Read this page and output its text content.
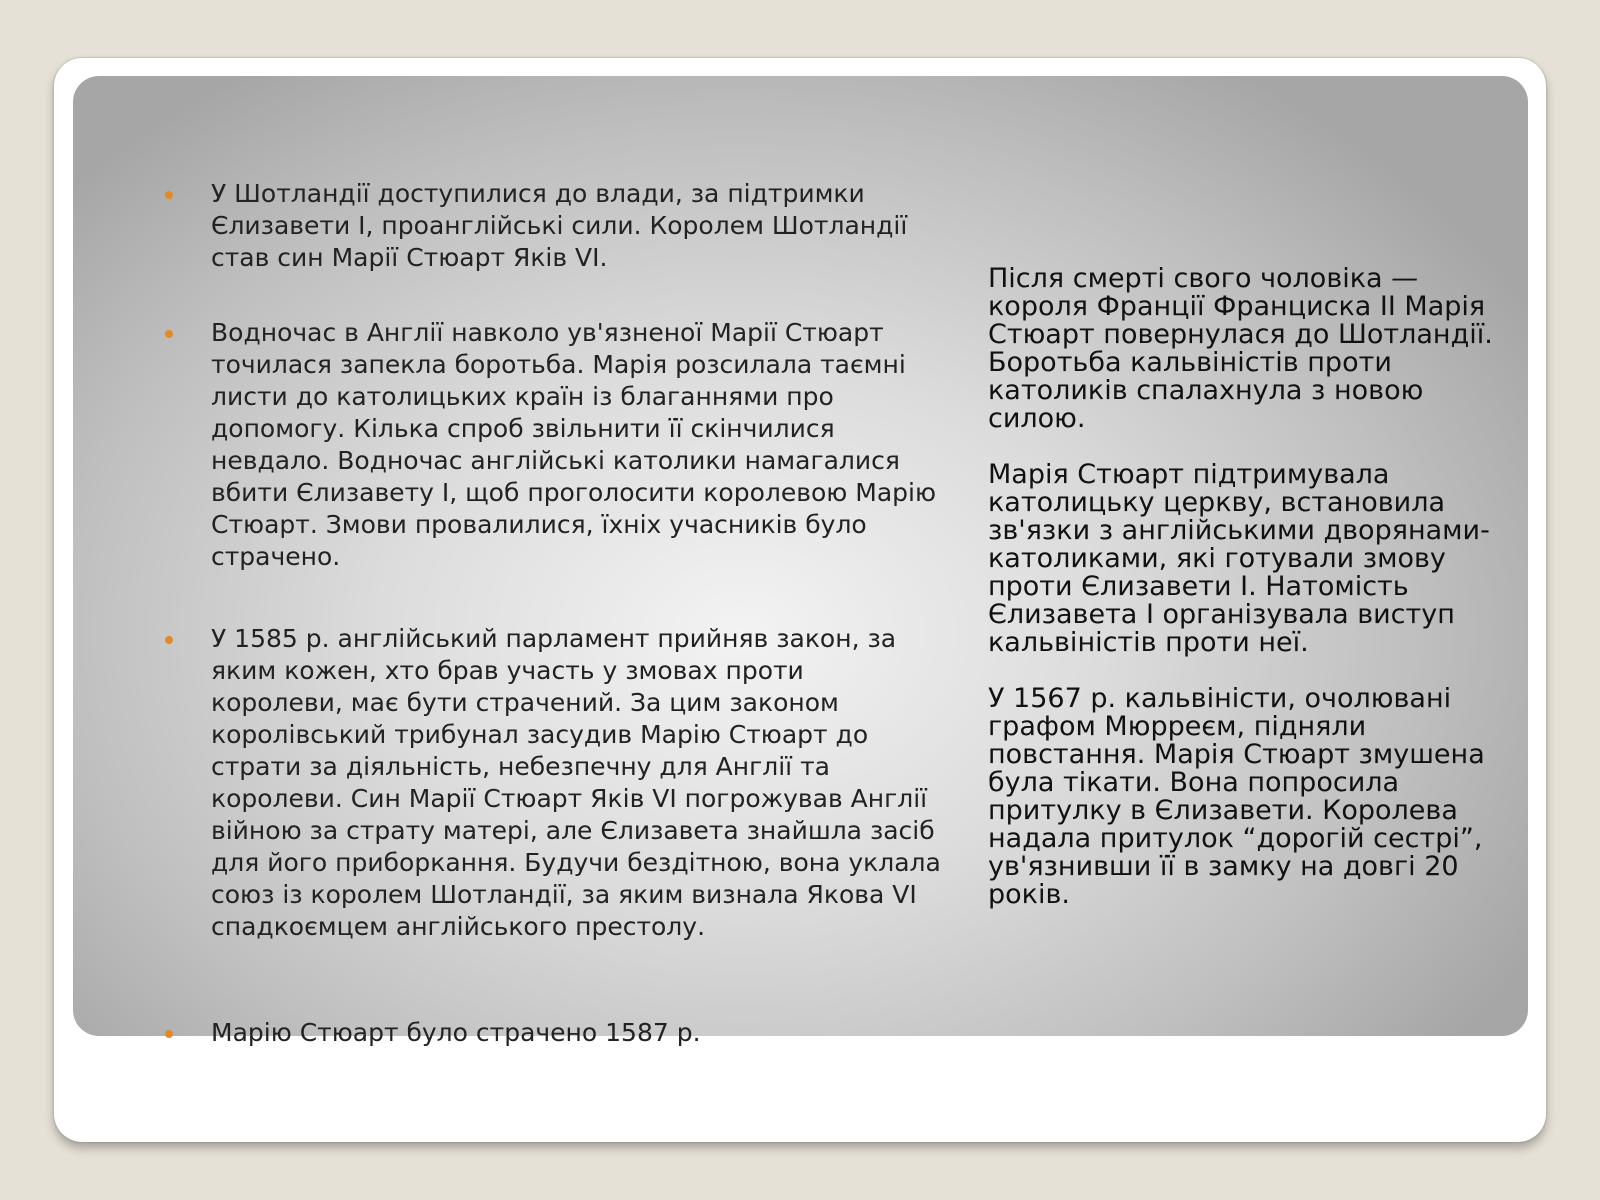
У Шотландії доступилися до влади, за підтримки Єлизавети I, проанглійські сили. Королем Шотландії став син Марії Стюарт Яків VI.
Водночас в Англії навколо ув'язненої Марії Стюарт точилася запекла боротьба. Марія розсилала таємні листи до католицьких країн із благаннями про допомогу. Кілька спроб звільнити її скінчилися невдало. Водночас англійські католики намагалися вбити Єлизавету I, щоб проголосити королевою Марію Стюарт. Змови провалилися, їхніх учасників було страчено.
У 1585 р. англійський парламент прийняв закон, за яким кожен, хто брав участь у змовах проти королеви, має бути страчений. За цим законом королівський трибунал засудив Марію Стюарт до страти за діяльність, небезпечну для Англії та королеви. Син Марії Стюарт Яків VI погрожував Англії війною за страту матері, але Єлизавета знайшла засіб для його приборкання. Будучи бездітною, вона уклала союз із королем Шотландії, за яким визнала Якова VI спадкоємцем англійського престолу.
Марію Стюарт було страчено 1587 р.

Після смерті свого чоловіка — короля Франції Франциска II Марія Стюарт повернулася до Шотландії. Боротьба кальвіністів проти католиків спалахнула з новою силою.

Марія Стюарт підтримувала католицьку церкву, встановила зв'язки з англійськими дворянами-католиками, які готували змову проти Єлизавети I. Натомість Єлизавета I організувала виступ кальвіністів проти неї.

У 1567 р. кальвіністи, очолювані графом Мюрреєм, підняли повстання. Марія Стюарт змушена була тікати. Вона попросила притулку в Єлизавети. Королева надала притулок “дорогій сестрі”, ув'язнивши її в замку на довгі 20 років.
